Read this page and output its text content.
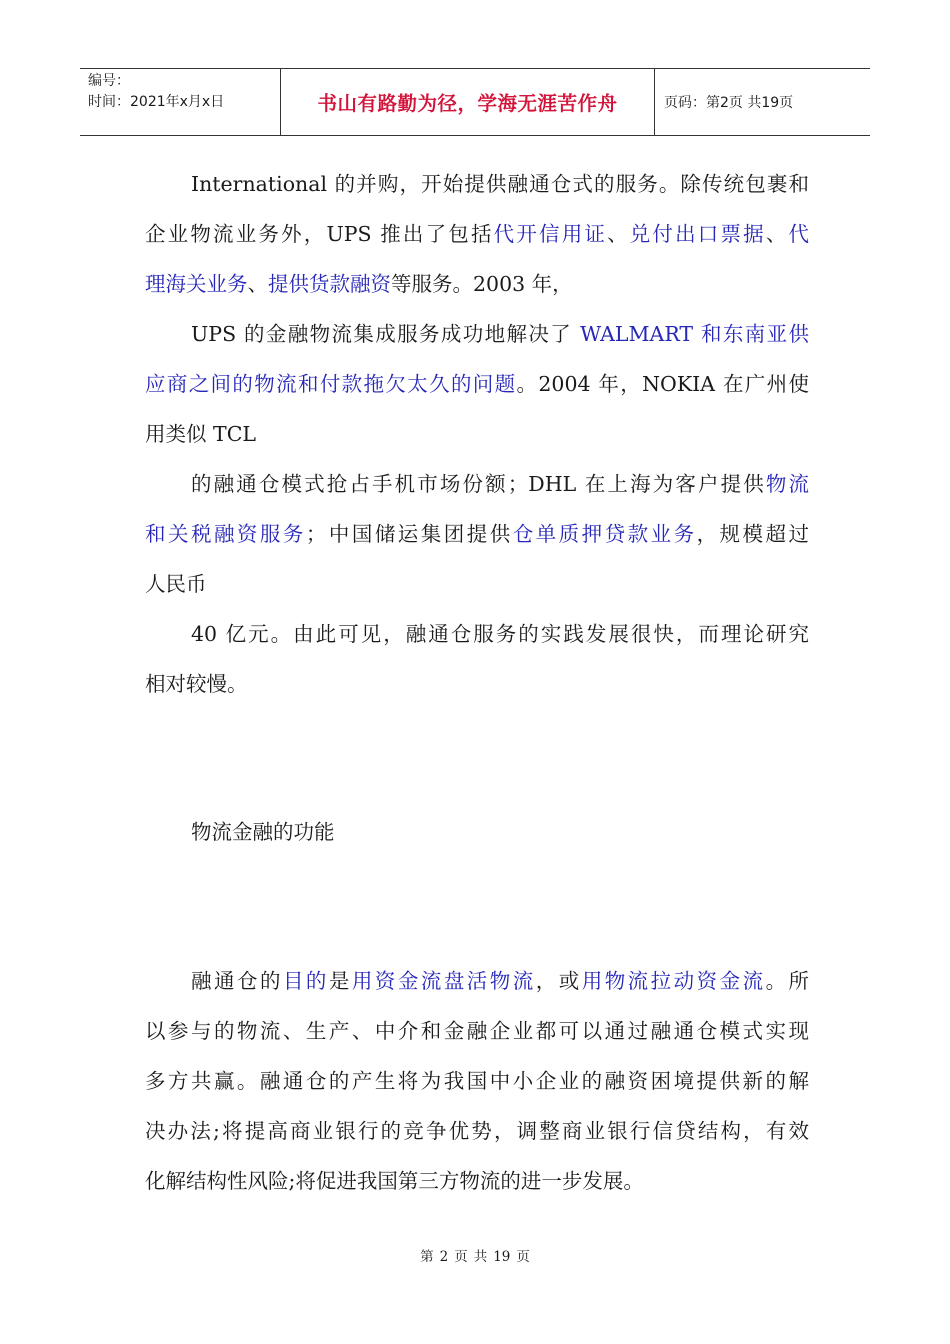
编号：
时间：2021年x月x日	书山有路勤为径，学海无涯苦作舟	页码：第2页 共19页
International 的并购，开始提供融通仓式的服务。除传统包裹和
企业物流业务外，UPS 推出了包括代开信用证、兑付出口票据、代
理海关业务、提供货款融资等服务。2003 年，
UPS 的金融物流集成服务成功地解决了 WALMART 和东南亚供
应商之间的物流和付款拖欠太久的问题。2004 年，NOKIA 在广州使
用类似 TCL
的融通仓模式抢占手机市场份额；DHL 在上海为客户提供物流
和关税融资服务；中国储运集团提供仓单质押贷款业务，规模超过
人民币
40 亿元。由此可见，融通仓服务的实践发展很快，而理论研究
相对较慢。
物流金融的功能
融通仓的目的是用资金流盘活物流，或用物流拉动资金流。所
以参与的物流、生产、中介和金融企业都可以通过融通仓模式实现
多方共赢。融通仓的产生将为我国中小企业的融资困境提供新的解
决办法;将提高商业银行的竞争优势，调整商业银行信贷结构，有效
化解结构性风险;将促进我国第三方物流的进一步发展。
第 2 页 共 19 页
